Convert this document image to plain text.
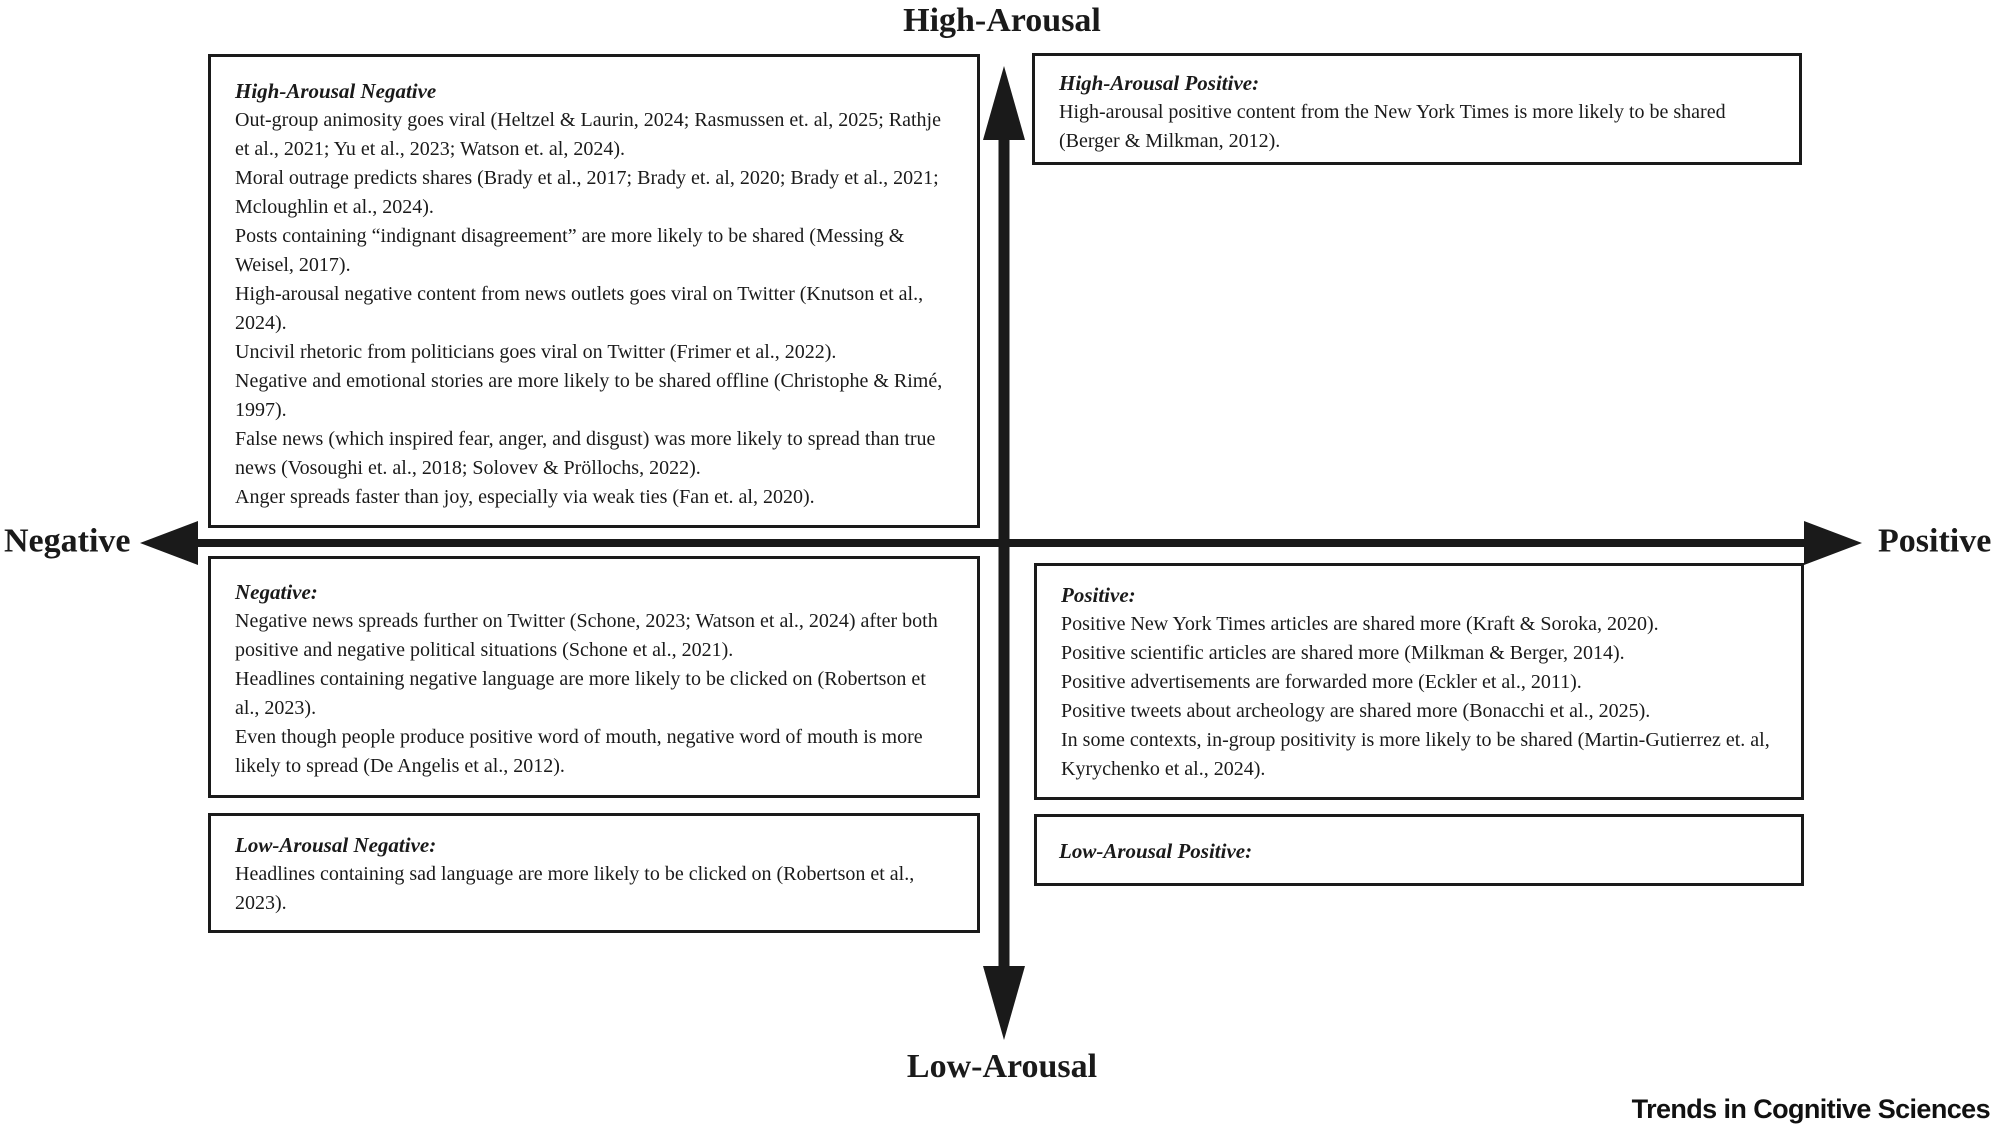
High-Arousal
Low-Arousal
Negative	Positive
High-Arousal Negative

Out-group animosity goes viral (Heltzel & Laurin, 2024; Rasmussen et. al, 2025; Rathje et al., 2021; Yu et al., 2023; Watson et. al, 2024).

Moral outrage predicts shares (Brady et al., 2017; Brady et. al, 2020; Brady et al., 2021; Mcloughlin et al., 2024).

Posts containing “indignant disagreement” are more likely to be shared (Messing & Weisel, 2017).

High-arousal negative content from news outlets goes viral on Twitter (Knutson et al., 2024).

Uncivil rhetoric from politicians goes viral on Twitter (Frimer et al., 2022).

Negative and emotional stories are more likely to be shared offline (Christophe & Rimé, 1997).

False news (which inspired fear, anger, and disgust) was more likely to spread than true news (Vosoughi et. al., 2018; Solovev & Pröllochs, 2022).

Anger spreads faster than joy, especially via weak ties (Fan et. al, 2020).

High-Arousal Positive:

High-arousal positive content from the New York Times is more likely to be shared (Berger & Milkman, 2012).

Negative:

Negative news spreads further on Twitter (Schone, 2023; Watson et al., 2024) after both positive and negative political situations (Schone et al., 2021).

Headlines containing negative language are more likely to be clicked on (Robertson et al., 2023).

Even though people produce positive word of mouth, negative word of mouth is more likely to spread (De Angelis et al., 2012).

Positive:

Positive New York Times articles are shared more (Kraft & Soroka, 2020).

Positive scientific articles are shared more (Milkman & Berger, 2014).

Positive advertisements are forwarded more (Eckler et al., 2011).

Positive tweets about archeology are shared more (Bonacchi et al., 2025).

In some contexts, in-group positivity is more likely to be shared (Martin-Gutierrez et. al, Kyrychenko et al., 2024).

Low-Arousal Negative:

Headlines containing sad language are more likely to be clicked on (Robertson et al., 2023).

Low-Arousal Positive:
Trends in Cognitive Sciences
